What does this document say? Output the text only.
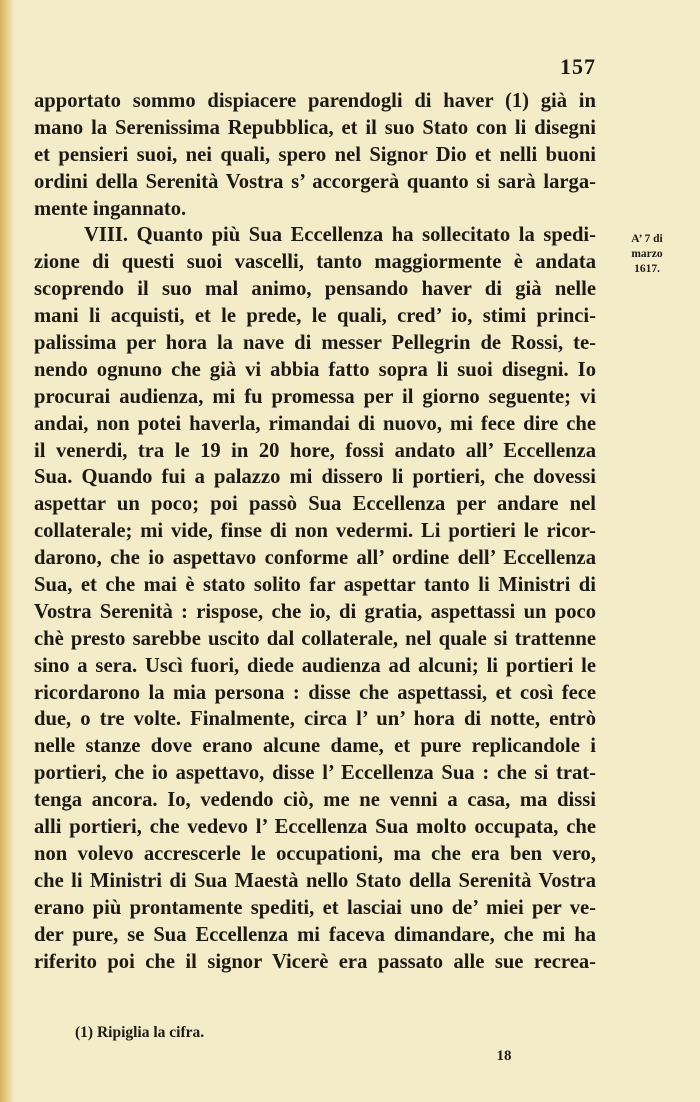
157
apportato sommo dispiacere parendogli di haver (1) già in
mano la Serenissima Repubblica, et il suo Stato con li disegni
et pensieri suoi, nei quali, spero nel Signor Dio et nelli buoni
ordini della Serenità Vostra s’ accorgerà quanto si sarà larga-
mente ingannato.
VIII. Quanto più Sua Eccellenza ha sollecitato la spedi-
zione di questi suoi vascelli, tanto maggiormente è andata
scoprendo il suo mal animo, pensando haver di già nelle
mani li acquisti, et le prede, le quali, cred’ io, stimi princi-
palissima per hora la nave di messer Pellegrin de Rossi, te-
nendo ognuno che già vi abbia fatto sopra li suoi disegni. Io
procurai audienza, mi fu promessa per il giorno seguente; vi
andai, non potei haverla, rimandai di nuovo, mi fece dire che
il venerdi, tra le 19 in 20 hore, fossi andato all’ Eccellenza
Sua. Quando fui a palazzo mi dissero li portieri, che dovessi
aspettar un poco; poi passò Sua Eccellenza per andare nel
collaterale; mi vide, finse di non vedermi. Li portieri le ricor-
darono, che io aspettavo conforme all’ ordine dell’ Eccellenza
Sua, et che mai è stato solito far aspettar tanto li Ministri di
Vostra Serenità : rispose, che io, di gratia, aspettassi un poco
chè presto sarebbe uscito dal collaterale, nel quale si trattenne
sino a sera. Uscì fuori, diede audienza ad alcuni; li portieri le
ricordarono la mia persona : disse che aspettassi, et così fece
due, o tre volte. Finalmente, circa l’ un’ hora di notte, entrò
nelle stanze dove erano alcune dame, et pure replicandole i
portieri, che io aspettavo, disse l’ Eccellenza Sua : che si trat-
tenga ancora. Io, vedendo ciò, me ne venni a casa, ma dissi
alli portieri, che vedevo l’ Eccellenza Sua molto occupata, che
non volevo accrescerle le occupationi, ma che era ben vero,
che li Ministri di Sua Maestà nello Stato della Serenità Vostra
erano più prontamente spediti, et lasciai uno de’ miei per ve-
der pure, se Sua Eccellenza mi faceva dimandare, che mi ha
riferito poi che il signor Vicerè era passato alle sue recrea-
A’ 7 di
marzo
1617.
(1) Ripiglia la cifra.
18
